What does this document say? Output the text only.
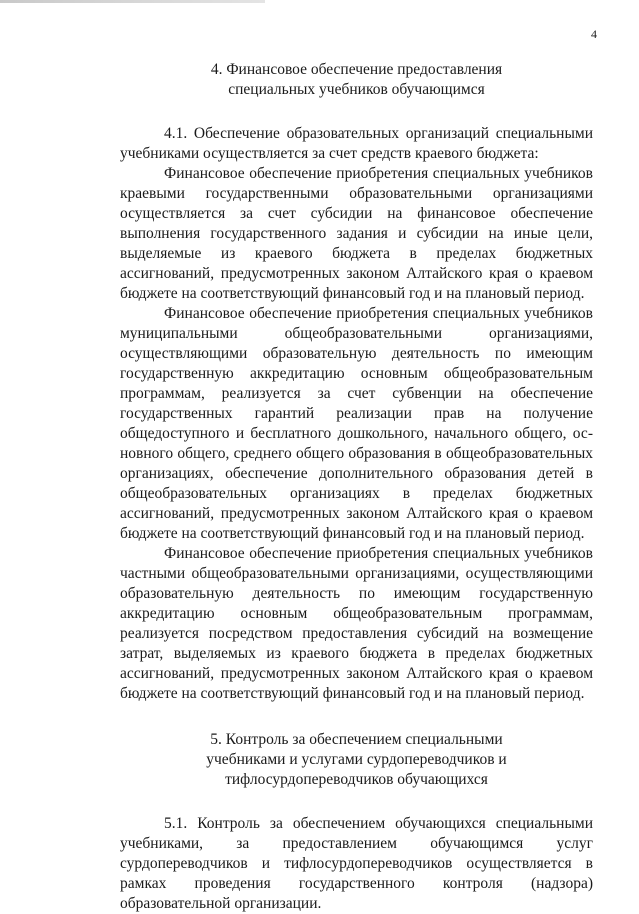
4
4. Финансовое обеспечение предоставления
специальных учебников обучающимся

4.1. Обеспечение образовательных организаций специальными учебниками осуществляется за счет средств краевого бюджета:

Финансовое обеспечение приобретения специальных учебников краевыми государственными образовательными организациями осуществляется за счет субсидии на финансовое обеспечение выполнения государственного задания и субсидии на иные цели, выделяемые из краевого бюджета в пределах бюджетных ассигнований, предусмотренных законом Алтайского края о краевом бюджете на соответствующий финансовый год и на плановый период.

Финансовое обеспечение приобретения специальных учебников муниципальными общеобразовательными организациями, осуществляющими образовательную деятельность по имеющим государственную аккредитацию основным общеобразовательным программам, реализуется за счет субвенции на обеспечение государственных гарантий реализации прав на получение общедоступного и бесплатного дошкольного, начального общего, основного общего, среднего общего образования в общеобразовательных организациях, обеспечение дополнительного образования детей в общеобразовательных организациях в пределах бюджетных ассигнований, предусмотренных законом Алтайского края о краевом бюджете на соответствующий финансовый год и на плановый период.

Финансовое обеспечение приобретения специальных учебников частными общеобразовательными организациями, осуществляющими образовательную деятельность по имеющим государственную аккредитацию основным общеобразовательным программам, реализуется посредством предоставления субсидий на возмещение затрат, выделяемых из краевого бюджета в пределах бюджетных ассигнований, предусмотренных законом Алтайского края о краевом бюджете на соответствующий финансовый год и на плановый период.

5. Контроль за обеспечением специальными
учебниками и услугами сурдопереводчиков и
тифлосурдопереводчиков обучающихся

5.1. Контроль за обеспечением обучающихся специальными учебниками, за предоставлением обучающимся услуг сурдопереводчиков и тифлосурдопереводчиков осуществляется в рамках проведения государственного контроля (надзора) образовательной организации.
